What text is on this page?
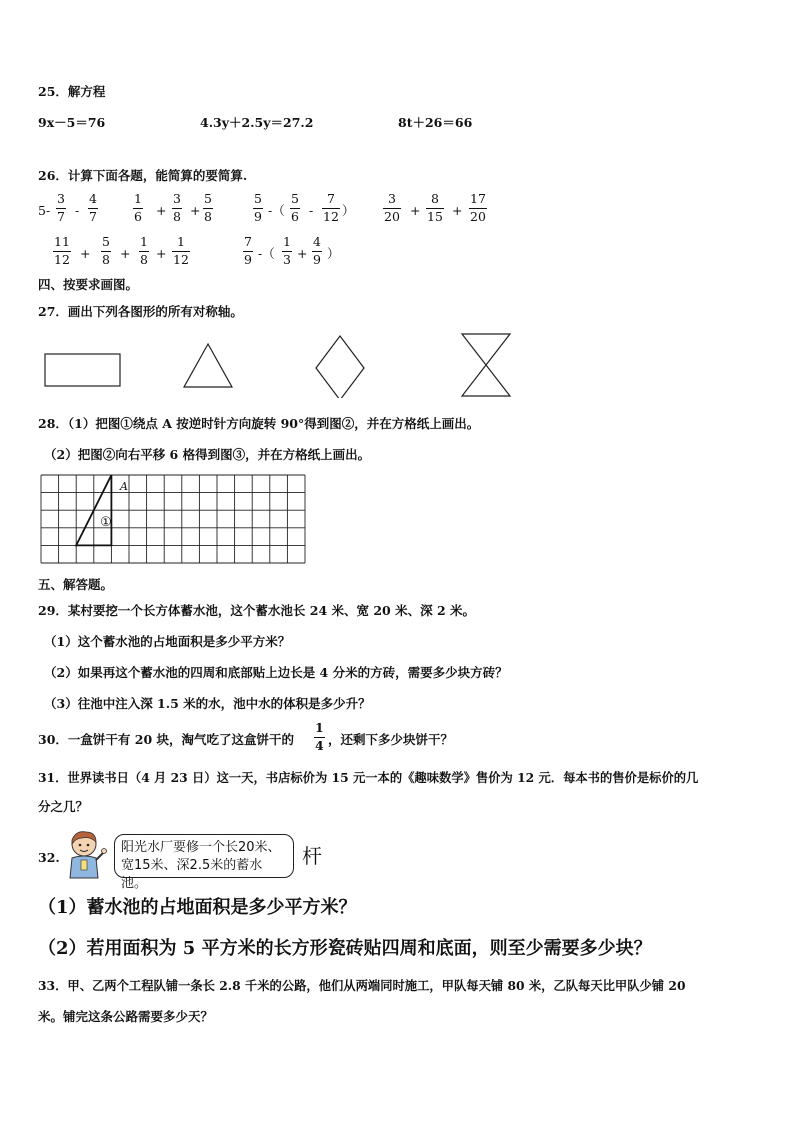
25．解方程
9x－5＝76	4.3y＋2.5y＝27.2	8t＋26＝66
26．计算下面各题，能简算的要简算.
$5- \frac{3}{7} - \frac{4}{7}$	$\frac{1}{6} + \frac{3}{8} + \frac{5}{8}$	$\frac{5}{9}$ -（ $\frac{5}{6} - \frac{7}{12}$ ） $\frac{3}{20} + \frac{8}{15} + \frac{17}{20}$
$\frac{11}{12} + \frac{5}{8} + \frac{1}{8} + \frac{1}{12}$	$\frac{7}{9}$ -（ $\frac{1}{3} + \frac{4}{9}$ ）
四、按要求画图。
27．画出下列各图形的所有对称轴。
28．（1）把图①绕点 A 按逆时针方向旋转 90°得到图②，并在方格纸上画出。
（2）把图②向右平移 6 格得到图③，并在方格纸上画出。
A
①
五、解答题。
29．某村要挖一个长方体蓄水池，这个蓄水池长 24 米、宽 20 米、深 2 米。
（1）这个蓄水池的占地面积是多少平方米？
（2）如果再这个蓄水池的四周和底部贴上边长是 4 分米的方砖，需要多少块方砖？
（3）往池中注入深 1.5 米的水，池中水的体积是多少升？
30．一盒饼干有 20 块，淘气吃了这盒饼干的 $\frac{1}{4}$ ，还剩下多少块饼干？
31．世界读书日（4 月 23 日）这一天，书店标价为 15 元一本的《趣味数学》售价为 12 元．每本书的售价是标价的几
分之几？
32.
阳光水厂要修一个长20米、
宽15米、深2.5米的蓄水池。
杆
（1）蓄水池的占地面积是多少平方米？
（2）若用面积为 5 平方米的长方形瓷砖贴四周和底面，则至少需要多少块？
33．甲、乙两个工程队铺一条长 2.8 千米的公路，他们从两端同时施工，甲队每天铺 80 米，乙队每天比甲队少铺 20
米。铺完这条公路需要多少天？
